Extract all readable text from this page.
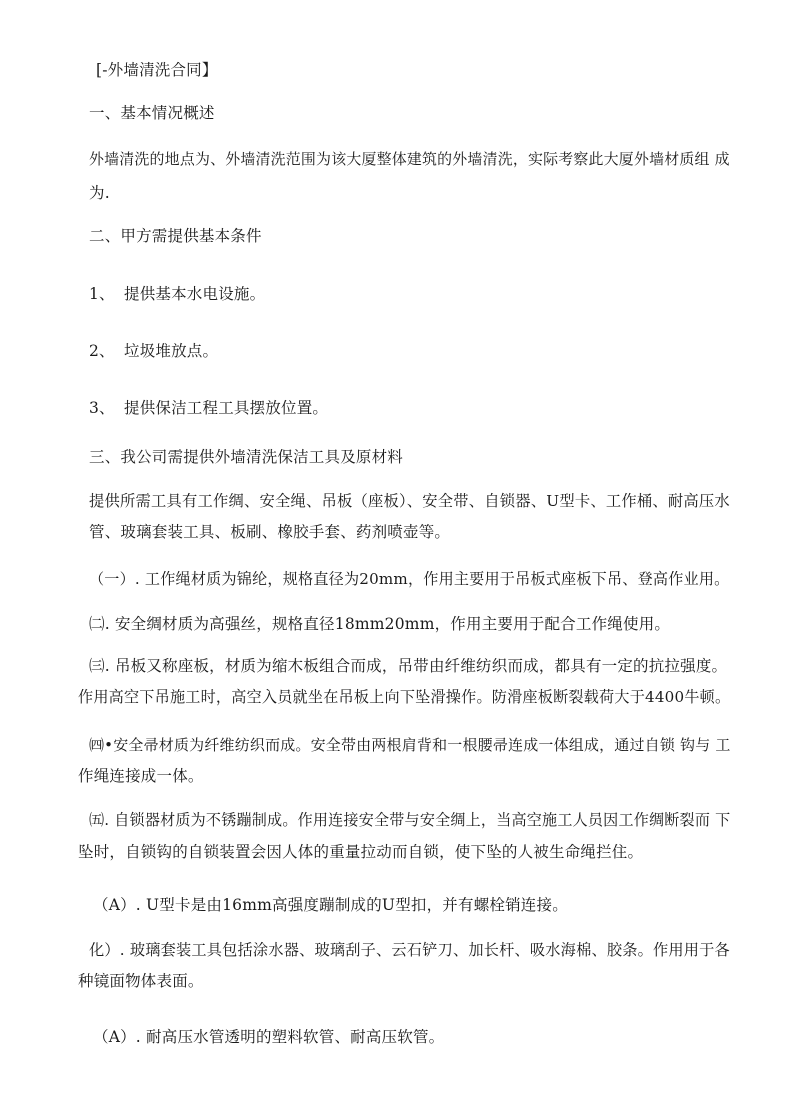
[-外墙清洗合同】
一、基本情况概述
外墙清洗的地点为、外墙清洗范围为该大厦整体建筑的外墙清洗，实际考察此大厦外墙材质组 成
为.
二、甲方需提供基本条件
1、 提供基本水电设施。
2、 垃圾堆放点。
3、 提供保洁工程工具摆放位置。
三、我公司需提供外墙清洗保洁工具及原材料
提供所需工具有工作绸、安全绳、吊板（座板）、安全带、自锁器、U型卡、工作桶、耐高压水
管、玻璃套装工具、板刷、橡胶手套、药剂喷壶等。
（一）. 工作绳材质为锦纶，规格直径为20mm，作用主要用于吊板式座板下吊、登高作业用。
㈡. 安全绸材质为高强丝，规格直径18mm20mm，作用主要用于配合工作绳使用。
㈢. 吊板又称座板，材质为缩木板组合而成，吊带由纤维纺织而成，都具有一定的抗拉强度。
作用高空下吊施工时，高空入员就坐在吊板上向下坠滑操作。防滑座板断裂载荷大于4400牛顿。
㈣•安全帚材质为纤维纺织而成。安全带由两根肩背和一根腰帚连成一体组成，通过自锁 钩与 工
作绳连接成一体。
㈤. 自锁器材质为不锈蹦制成。作用连接安全带与安全绸上，当高空施工人员因工作绸断裂而 下
坠时，自锁钩的自锁装置会因人体的重量拉动而自锁，使下坠的人被生命绳拦住。
（A）. U型卡是由16mm高强度蹦制成的U型扣，并有螺栓销连接。
化）. 玻璃套装工具包括涂水器、玻璃刮子、云石铲刀、加长杆、吸水海棉、胶条。作用用于各
种镜面物体表面。
（A）. 耐高压水管透明的塑料软管、耐高压软管。
